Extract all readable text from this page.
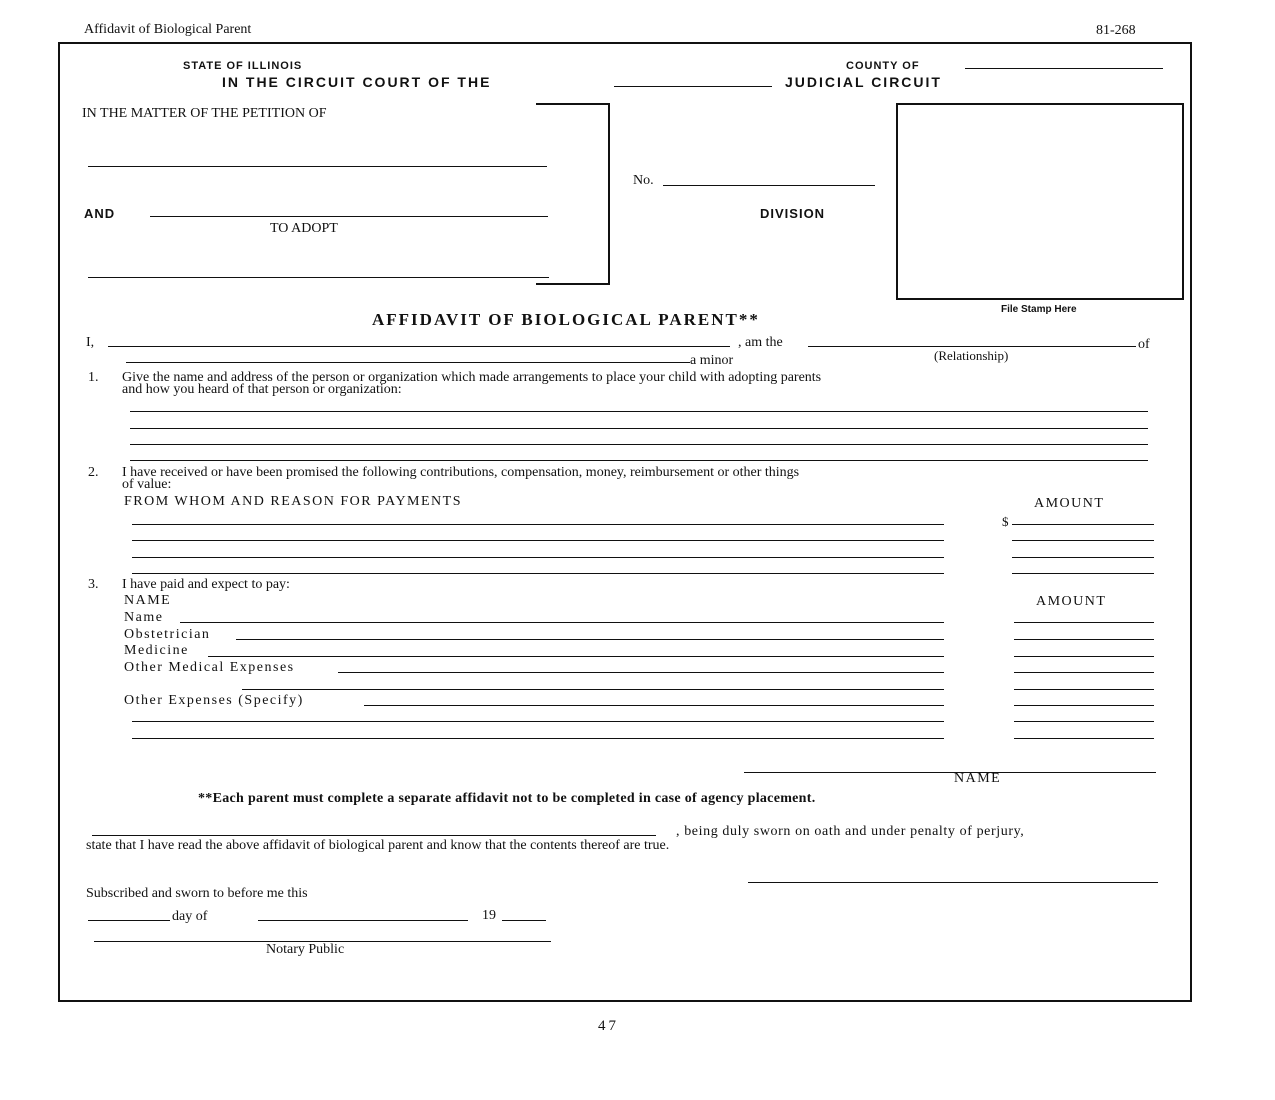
Affidavit of Biological Parent	81-268
STATE OF ILLINOIS
IN THE CIRCUIT COURT OF THE
COUNTY OF
JUDICIAL CIRCUIT
IN THE MATTER OF THE PETITION OF
AND
TO ADOPT
No.
DIVISION
File Stamp Here
AFFIDAVIT OF BIOLOGICAL PARENT**
I,	, am the	of
(Relationship)
a minor
1. Give the name and address of the person or organization which made arrangements to place your child with adopting parents
and how you heard of that person or organization:
2. I have received or have been promised the following contributions, compensation, money, reimbursement or other things
of value:
FROM WHOM AND REASON FOR PAYMENTS	AMOUNT
$
3. I have paid and expect to pay:
NAME	AMOUNT
Name
Obstetrician
Medicine
Other Medical Expenses
Other Expenses (Specify)
NAME
**Each parent must complete a separate affidavit not to be completed in case of agency placement.
, being duly sworn on oath and under penalty of perjury,
state that I have read the above affidavit of biological parent and know that the contents thereof are true.
Subscribed and sworn to before me this
day of	19
Notary Public
47
